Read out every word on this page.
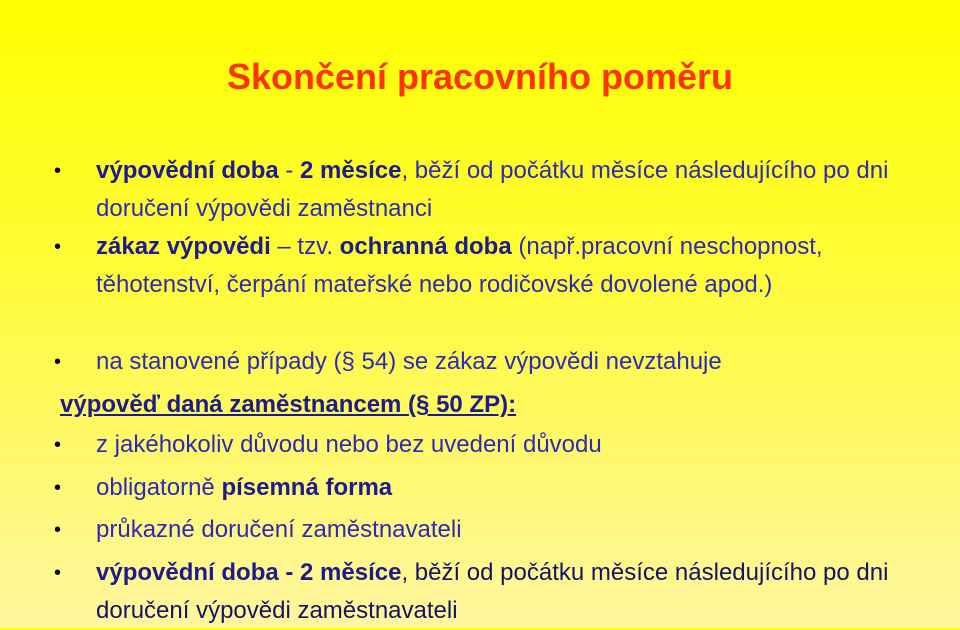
Skončení pracovního poměru
• výpovědní doba - 2 měsíce, běží od počátku měsíce následujícího po dni doručení výpovědi zaměstnanci
• zákaz výpovědi – tzv. ochranná doba (např.pracovní neschopnost, těhotenství, čerpání mateřské nebo rodičovské dovolené apod.)
• na stanovené případy (§ 54) se zákaz výpovědi nevztahuje
výpověď daná zaměstnancem (§ 50 ZP):
• z jakéhokoliv důvodu nebo bez uvedení důvodu
• obligatorně písemná forma
• průkazné doručení zaměstnavateli
• výpovědní doba - 2 měsíce, běží od počátku měsíce následujícího po dni doručení výpovědi zaměstnavateli
